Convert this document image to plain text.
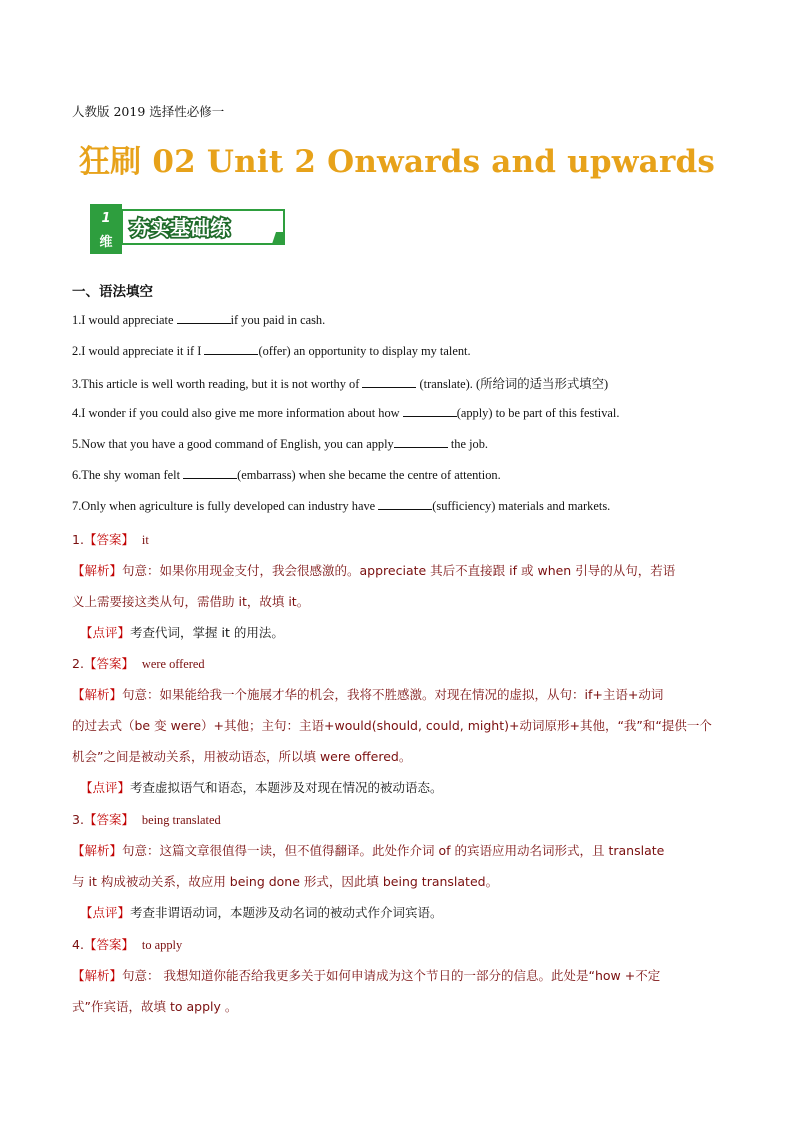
人教版 2019 选择性必修一
狂刷 02 Unit 2 Onwards and upwards
1
维
夯实基础练
一、语法填空
1.I would appreciate	if you paid in cash.
2.I would appreciate it if I	(offer) an opportunity to display my talent.
3.This article is well worth reading, but it is not worthy of	(translate). (所给词的适当形式填空)
4.I wonder if you could also give me more information about how	(apply) to be part of this festival.
5.Now that you have a good command of English, you can apply	the job.
6.The shy woman felt	(embarrass) when she became the centre of attention.
7.Only when agriculture is fully developed can industry have	(sufficiency) materials and markets.
1.【答案】 it
【解析】句意：如果你用现金支付，我会很感激的。appreciate 其后不直接跟 if 或 when 引导的从句，若语
义上需要接这类从句，需借助 it，故填 it。
【点评】考查代词，掌握 it 的用法。
2.【答案】 were offered
【解析】句意：如果能给我一个施展才华的机会，我将不胜感激。对现在情况的虚拟，从句：if+主语+动词
的过去式（be 变 were）+其他；主句：主语+would(should, could, might)+动词原形+其他，“我”和“提供一个
机会”之间是被动关系，用被动语态，所以填 were offered。
【点评】考查虚拟语气和语态，本题涉及对现在情况的被动语态。
3.【答案】 being translated
【解析】句意：这篇文章很值得一读，但不值得翻译。此处作介词 of 的宾语应用动名词形式，且 translate
与 it 构成被动关系，故应用 being done 形式，因此填 being translated。
【点评】考查非谓语动词，本题涉及动名词的被动式作介词宾语。
4.【答案】 to apply
【解析】句意： 我想知道你能否给我更多关于如何申请成为这个节日的一部分的信息。此处是“how +不定
式”作宾语，故填 to apply 。
